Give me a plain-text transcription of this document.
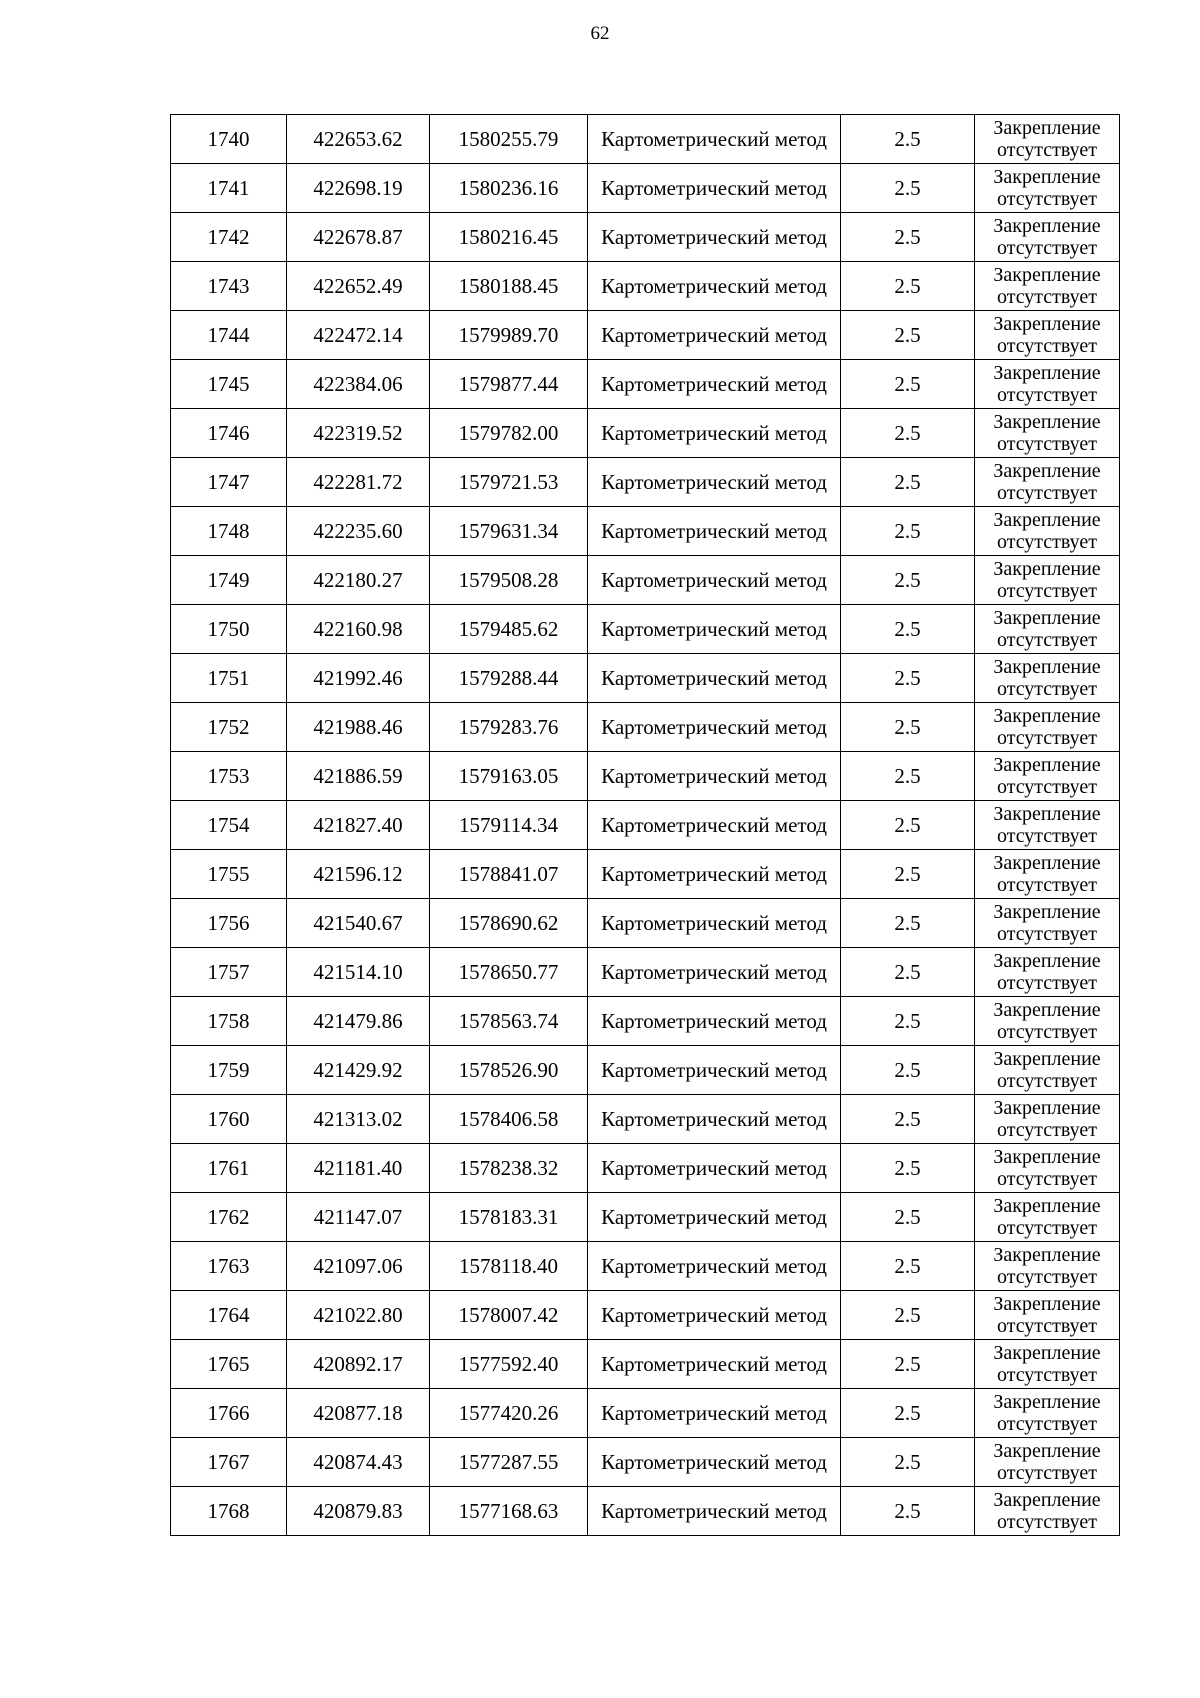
62
1740	422653.62	1580255.79	Картометрический метод	2.5	Закрепление
отсутствует

1741	422698.19	1580236.16	Картометрический метод	2.5	Закрепление
отсутствует

1742	422678.87	1580216.45	Картометрический метод	2.5	Закрепление
отсутствует

1743	422652.49	1580188.45	Картометрический метод	2.5	Закрепление
отсутствует

1744	422472.14	1579989.70	Картометрический метод	2.5	Закрепление
отсутствует

1745	422384.06	1579877.44	Картометрический метод	2.5	Закрепление
отсутствует

1746	422319.52	1579782.00	Картометрический метод	2.5	Закрепление
отсутствует

1747	422281.72	1579721.53	Картометрический метод	2.5	Закрепление
отсутствует

1748	422235.60	1579631.34	Картометрический метод	2.5	Закрепление
отсутствует

1749	422180.27	1579508.28	Картометрический метод	2.5	Закрепление
отсутствует

1750	422160.98	1579485.62	Картометрический метод	2.5	Закрепление
отсутствует

1751	421992.46	1579288.44	Картометрический метод	2.5	Закрепление
отсутствует

1752	421988.46	1579283.76	Картометрический метод	2.5	Закрепление
отсутствует

1753	421886.59	1579163.05	Картометрический метод	2.5	Закрепление
отсутствует

1754	421827.40	1579114.34	Картометрический метод	2.5	Закрепление
отсутствует

1755	421596.12	1578841.07	Картометрический метод	2.5	Закрепление
отсутствует

1756	421540.67	1578690.62	Картометрический метод	2.5	Закрепление
отсутствует

1757	421514.10	1578650.77	Картометрический метод	2.5	Закрепление
отсутствует

1758	421479.86	1578563.74	Картометрический метод	2.5	Закрепление
отсутствует

1759	421429.92	1578526.90	Картометрический метод	2.5	Закрепление
отсутствует

1760	421313.02	1578406.58	Картометрический метод	2.5	Закрепление
отсутствует

1761	421181.40	1578238.32	Картометрический метод	2.5	Закрепление
отсутствует

1762	421147.07	1578183.31	Картометрический метод	2.5	Закрепление
отсутствует

1763	421097.06	1578118.40	Картометрический метод	2.5	Закрепление
отсутствует

1764	421022.80	1578007.42	Картометрический метод	2.5	Закрепление
отсутствует

1765	420892.17	1577592.40	Картометрический метод	2.5	Закрепление
отсутствует

1766	420877.18	1577420.26	Картометрический метод	2.5	Закрепление
отсутствует

1767	420874.43	1577287.55	Картометрический метод	2.5	Закрепление
отсутствует

1768	420879.83	1577168.63	Картометрический метод	2.5	Закрепление
отсутствует
